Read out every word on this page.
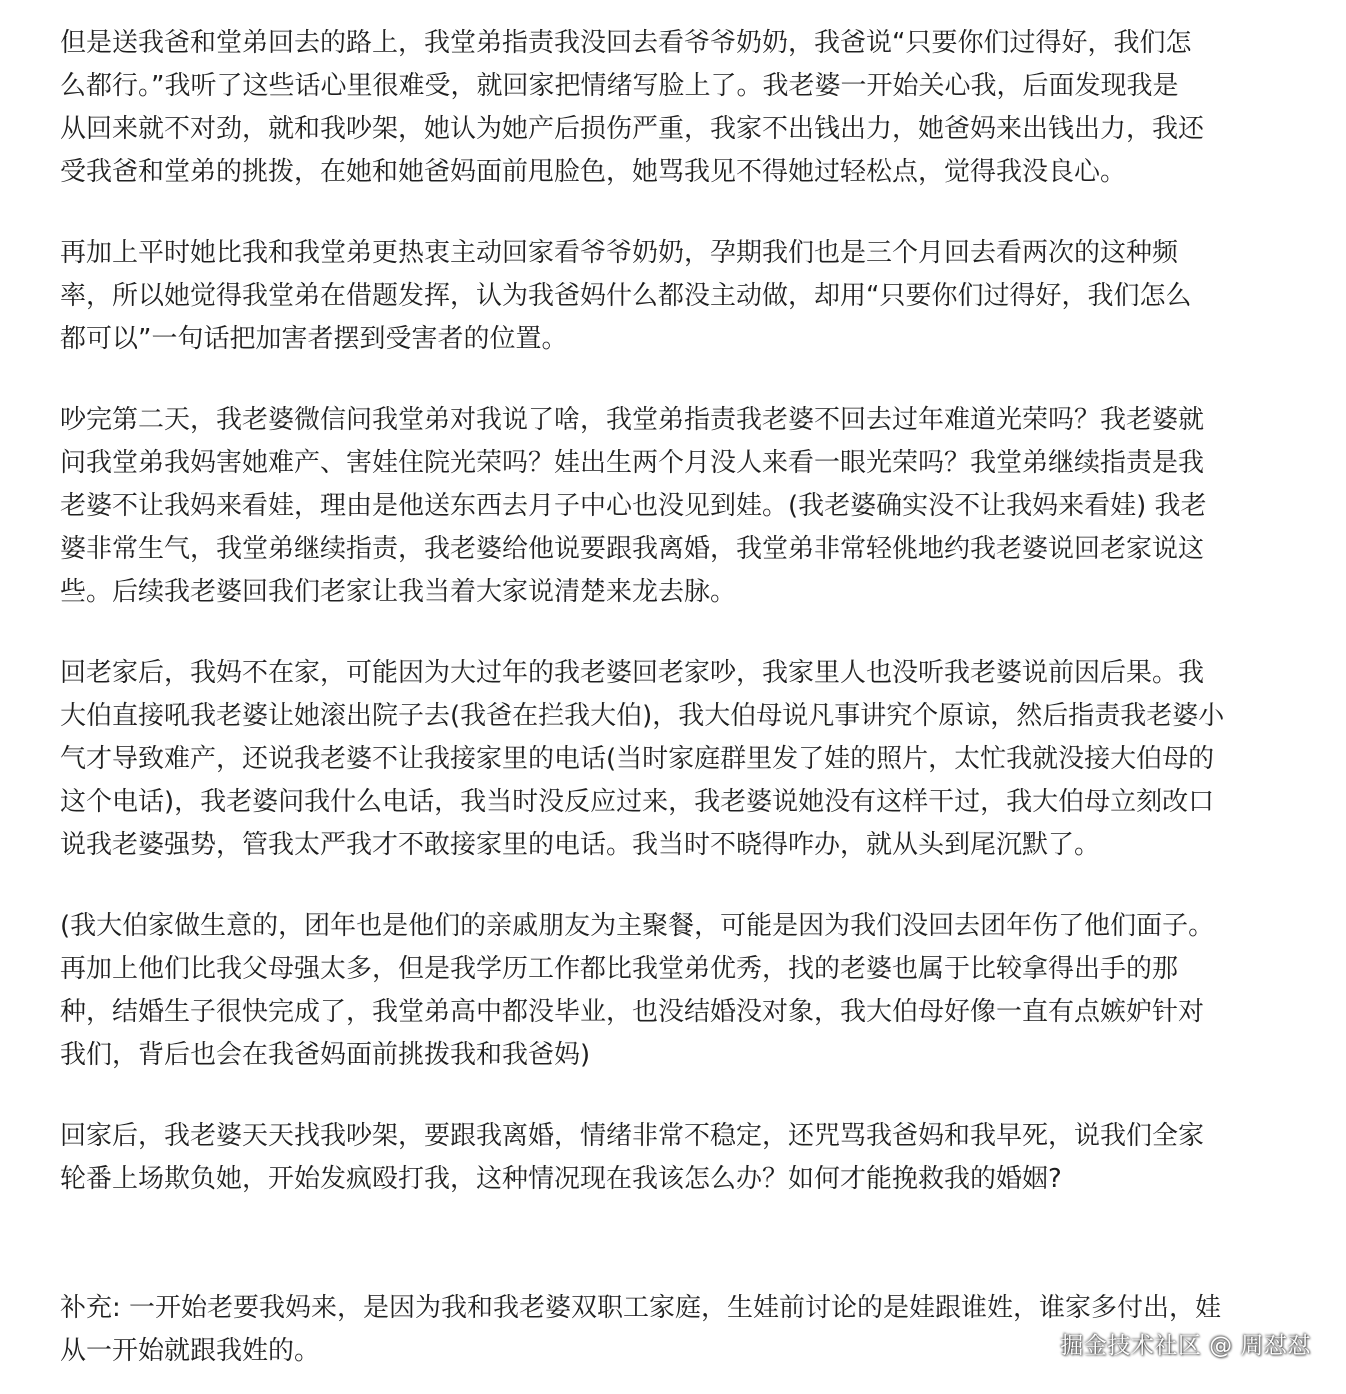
但是送我爸和堂弟回去的路上，我堂弟指责我没回去看爷爷奶奶，我爸说“只要你们过得好，我们怎
么都行。”我听了这些话心里很难受，就回家把情绪写脸上了。我老婆一开始关心我，后面发现我是
从回来就不对劲，就和我吵架，她认为她产后损伤严重，我家不出钱出力，她爸妈来出钱出力，我还
受我爸和堂弟的挑拨，在她和她爸妈面前甩脸色，她骂我见不得她过轻松点，觉得我没良心。

再加上平时她比我和我堂弟更热衷主动回家看爷爷奶奶，孕期我们也是三个月回去看两次的这种频
率，所以她觉得我堂弟在借题发挥，认为我爸妈什么都没主动做，却用“只要你们过得好，我们怎么
都可以”一句话把加害者摆到受害者的位置。

吵完第二天，我老婆微信问我堂弟对我说了啥，我堂弟指责我老婆不回去过年难道光荣吗？我老婆就
问我堂弟我妈害她难产、害娃住院光荣吗？娃出生两个月没人来看一眼光荣吗？我堂弟继续指责是我
老婆不让我妈来看娃，理由是他送东西去月子中心也没见到娃。(我老婆确实没不让我妈来看娃) 我老
婆非常生气，我堂弟继续指责，我老婆给他说要跟我离婚，我堂弟非常轻佻地约我老婆说回老家说这
些。后续我老婆回我们老家让我当着大家说清楚来龙去脉。

回老家后，我妈不在家，可能因为大过年的我老婆回老家吵，我家里人也没听我老婆说前因后果。我
大伯直接吼我老婆让她滚出院子去(我爸在拦我大伯)，我大伯母说凡事讲究个原谅，然后指责我老婆小
气才导致难产，还说我老婆不让我接家里的电话(当时家庭群里发了娃的照片，太忙我就没接大伯母的
这个电话)，我老婆问我什么电话，我当时没反应过来，我老婆说她没有这样干过，我大伯母立刻改口
说我老婆强势，管我太严我才不敢接家里的电话。我当时不晓得咋办，就从头到尾沉默了。

(我大伯家做生意的，团年也是他们的亲戚朋友为主聚餐，可能是因为我们没回去团年伤了他们面子。
再加上他们比我父母强太多，但是我学历工作都比我堂弟优秀，找的老婆也属于比较拿得出手的那
种，结婚生子很快完成了，我堂弟高中都没毕业，也没结婚没对象，我大伯母好像一直有点嫉妒针对
我们，背后也会在我爸妈面前挑拨我和我爸妈)

回家后，我老婆天天找我吵架，要跟我离婚，情绪非常不稳定，还咒骂我爸妈和我早死，说我们全家
轮番上场欺负她，开始发疯殴打我，这种情况现在我该怎么办？如何才能挽救我的婚姻?

补充: 一开始老要我妈来，是因为我和我老婆双职工家庭，生娃前讨论的是娃跟谁姓，谁家多付出，娃
从一开始就跟我姓的。	掘金技术社区 @ 周怼怼
